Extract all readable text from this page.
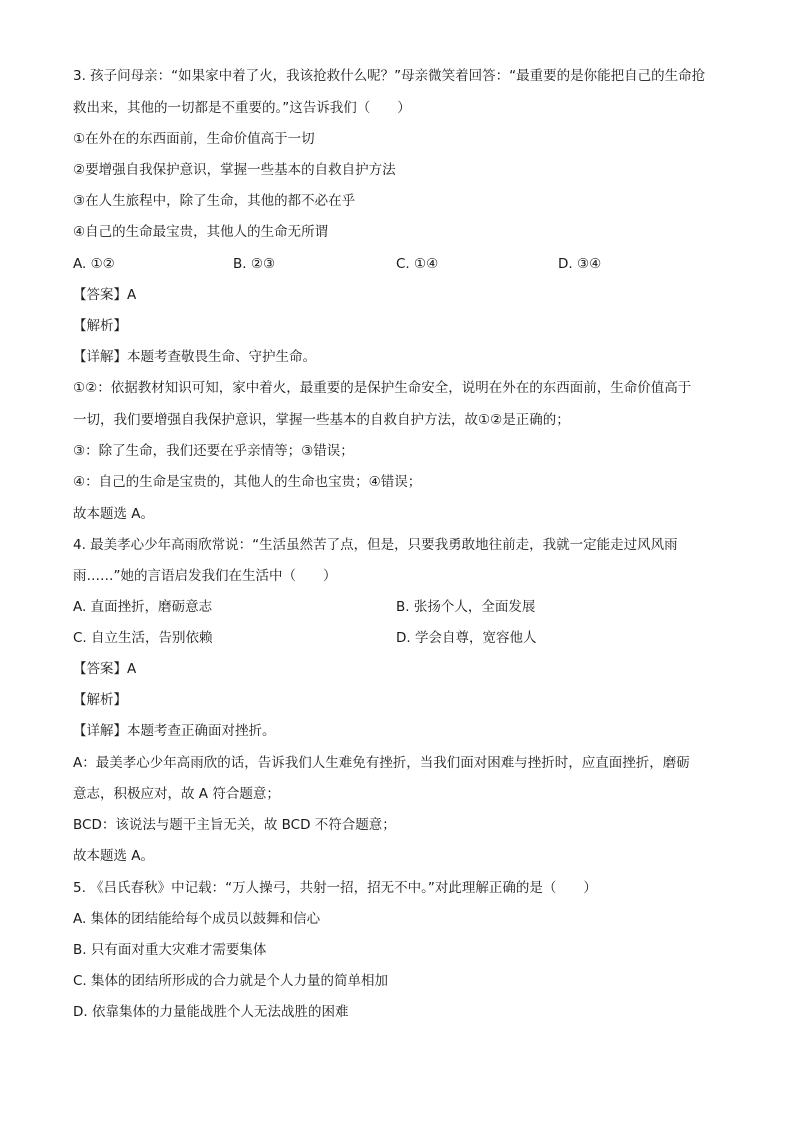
3. 孩子问母亲：“如果家中着了火，我该抢救什么呢？”母亲微笑着回答：“最重要的是你能把自己的生命抢
救出来，其他的一切都是不重要的。”这告诉我们（　　）
①在外在的东西面前，生命价值高于一切
②要增强自我保护意识，掌握一些基本的自救自护方法
③在人生旅程中，除了生命，其他的都不必在乎
④自己的生命最宝贵，其他人的生命无所谓
A. ①②	B. ②③	C. ①④	D. ③④
【答案】A
【解析】
【详解】本题考查敬畏生命、守护生命。
①②：依据教材知识可知，家中着火，最重要的是保护生命安全，说明在外在的东西面前，生命价值高于
一切，我们要增强自我保护意识，掌握一些基本的自救自护方法，故①②是正确的；
③：除了生命，我们还要在乎亲情等；③错误；
④：自己的生命是宝贵的，其他人的生命也宝贵；④错误；
故本题选 A。
4. 最美孝心少年高雨欣常说：“生活虽然苦了点，但是，只要我勇敢地往前走，我就一定能走过风风雨
雨……”她的言语启发我们在生活中（　　）
A. 直面挫折，磨砺意志	B. 张扬个人，全面发展
C. 自立生活，告别依赖	D. 学会自尊，宽容他人
【答案】A
【解析】
【详解】本题考查正确面对挫折。
A：最美孝心少年高雨欣的话，告诉我们人生难免有挫折，当我们面对困难与挫折时，应直面挫折，磨砺
意志，积极应对，故 A 符合题意；
BCD：该说法与题干主旨无关，故 BCD 不符合题意；
故本题选 A。
5. 《吕氏春秋》中记载：“万人操弓，共射一招，招无不中。”对此理解正确的是（　　）
A. 集体的团结能给每个成员以鼓舞和信心
B. 只有面对重大灾难才需要集体
C. 集体的团结所形成的合力就是个人力量的简单相加
D. 依靠集体的力量能战胜个人无法战胜的困难
